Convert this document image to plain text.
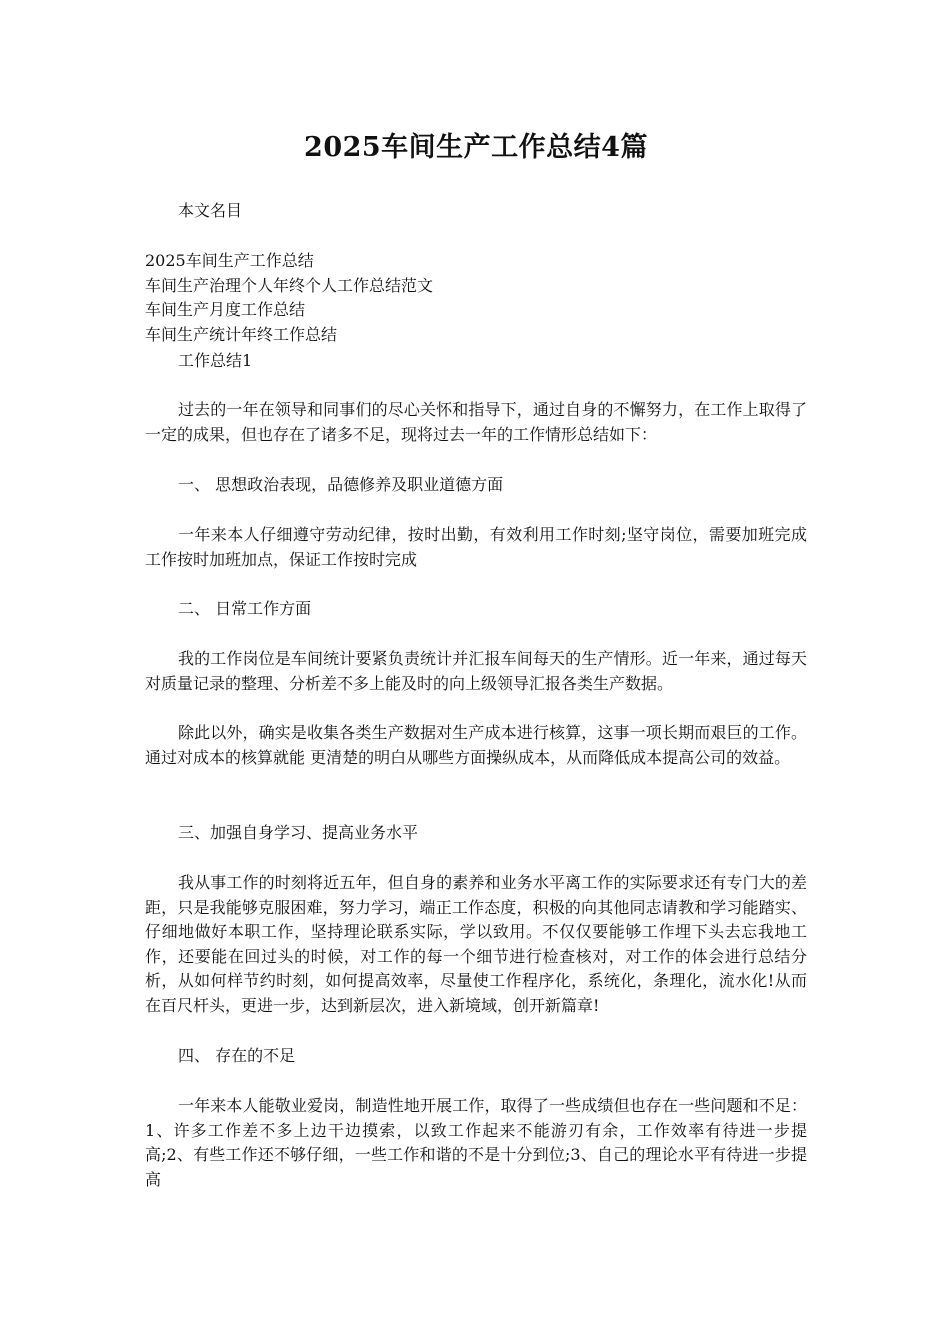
2025车间生产工作总结4篇

本文名目

2025车间生产工作总结

车间生产治理个人年终个人工作总结范文

车间生产月度工作总结

车间生产统计年终工作总结

工作总结1

过去的一年在领导和同事们的尽心关怀和指导下，通过自身的不懈努力，在工作上取得了一定的成果，但也存在了诸多不足，现将过去一年的工作情形总结如下：

一、 思想政治表现，品德修养及职业道德方面

一年来本人仔细遵守劳动纪律，按时出勤，有效利用工作时刻;坚守岗位，需要加班完成工作按时加班加点，保证工作按时完成

二、 日常工作方面

我的工作岗位是车间统计要紧负责统计并汇报车间每天的生产情形。近一年来，通过每天对质量记录的整理、分析差不多上能及时的向上级领导汇报各类生产数据。

除此以外，确实是收集各类生产数据对生产成本进行核算，这事一项长期而艰巨的工作。通过对成本的核算就能 更清楚的明白从哪些方面操纵成本，从而降低成本提高公司的效益。

三、加强自身学习、提高业务水平

我从事工作的时刻将近五年，但自身的素养和业务水平离工作的实际要求还有专门大的差距，只是我能够克服困难，努力学习，端正工作态度，积极的向其他同志请教和学习能踏实、仔细地做好本职工作，坚持理论联系实际，学以致用。不仅仅要能够工作埋下头去忘我地工作，还要能在回过头的时候，对工作的每一个细节进行检查核对，对工作的体会进行总结分析，从如何样节约时刻，如何提高效率，尽量使工作程序化，系统化，条理化，流水化!从而在百尺杆头，更进一步，达到新层次，进入新境域，创开新篇章!

四、 存在的不足

一年来本人能敬业爱岗，制造性地开展工作，取得了一些成绩但也存在一些问题和不足：1、许多工作差不多上边干边摸索，以致工作起来不能游刃有余，工作效率有待进一步提高;2、有些工作还不够仔细，一些工作和谐的不是十分到位;3、自己的理论水平有待进一步提高
